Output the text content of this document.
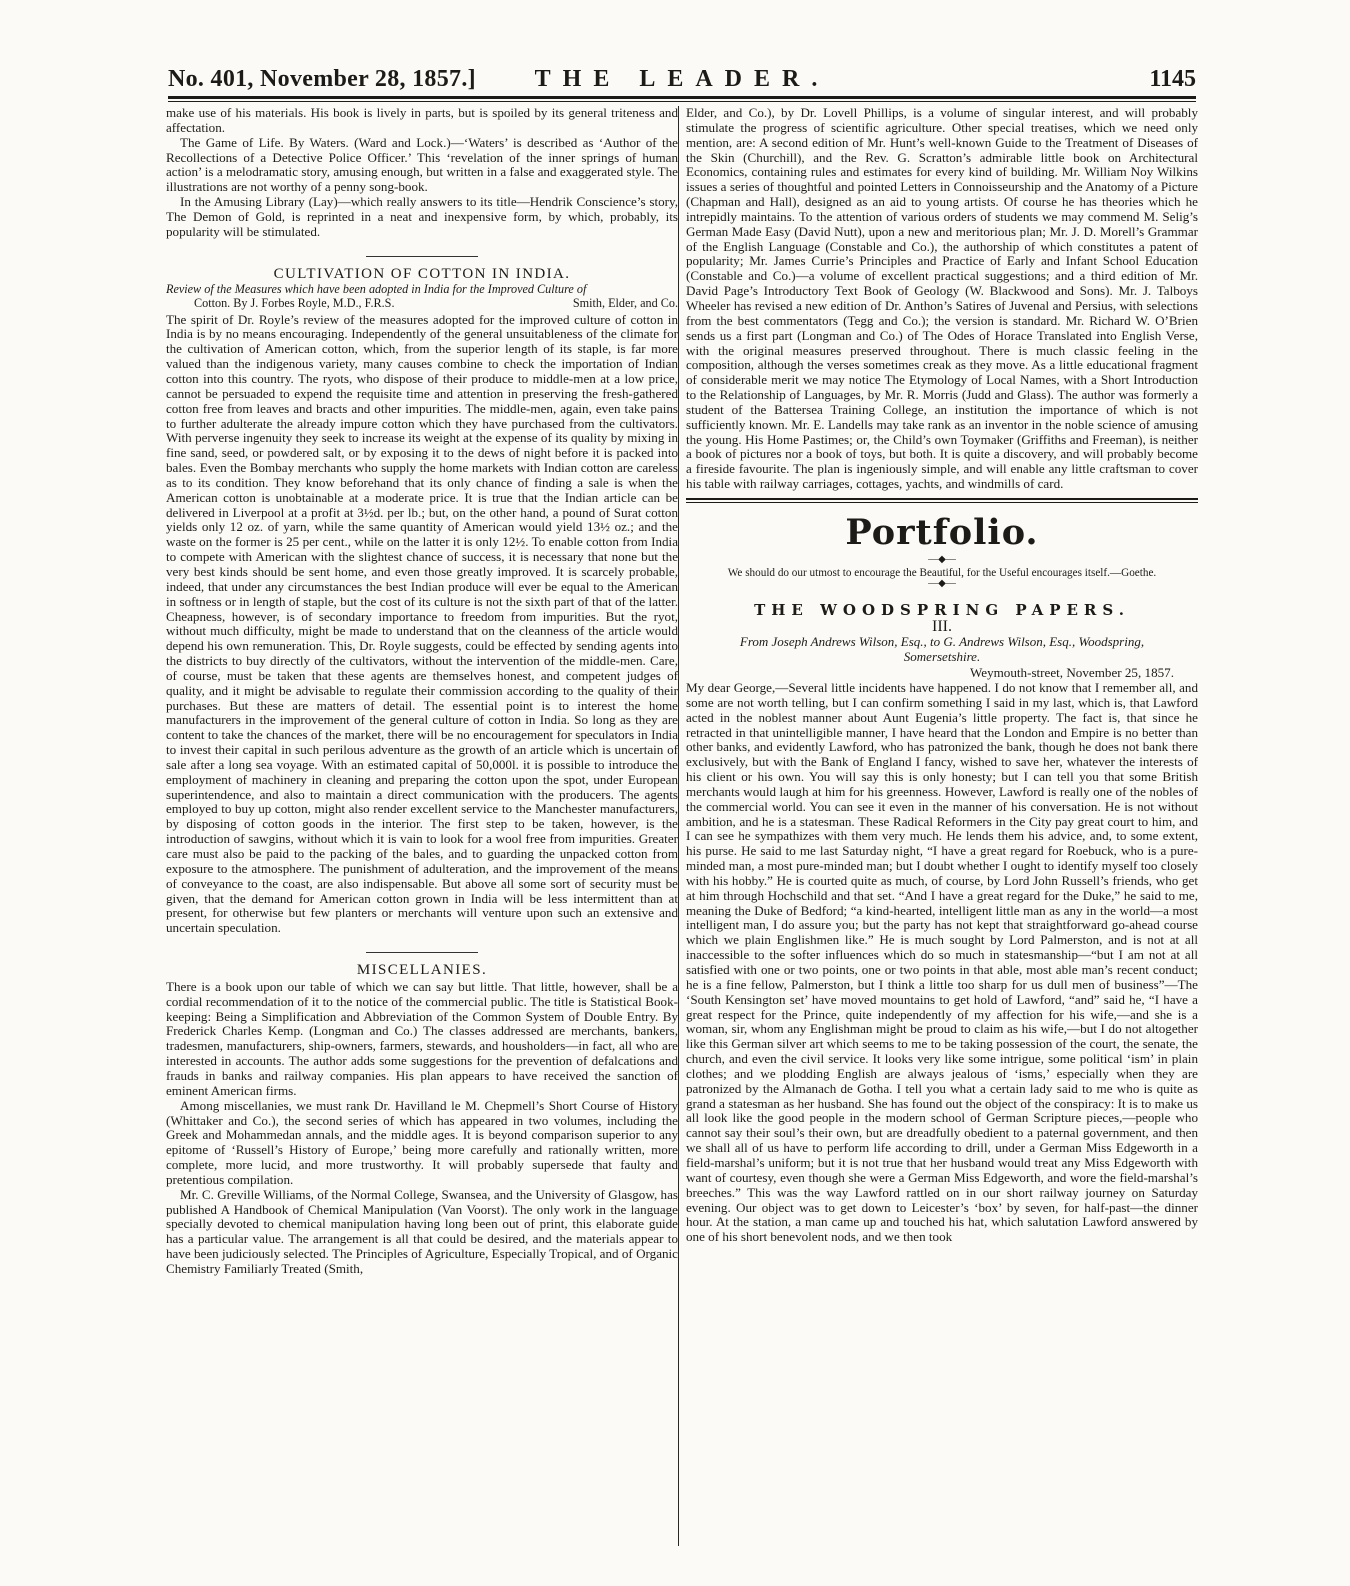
No. 401, November 28, 1857.]	THE LEADER.	1145

make use of his materials. His book is lively in parts, but is spoiled by its general triteness and affectation.

The Game of Life. By Waters. (Ward and Lock.)—‘Waters’ is described as ‘Author of the Recollections of a Detective Police Officer.’ This ‘revelation of the inner springs of human action’ is a melodramatic story, amusing enough, but written in a false and exaggerated style. The illustrations are not worthy of a penny song-book.

In the Amusing Library (Lay)—which really answers to its title—Hendrik Conscience’s story, The Demon of Gold, is reprinted in a neat and inexpensive form, by which, probably, its popularity will be stimulated.

CULTIVATION OF COTTON IN INDIA.
Review of the Measures which have been adopted in India for the Improved Culture of
Cotton. By J. Forbes Royle, M.D., F.R.S.	Smith, Elder, and Co.

The spirit of Dr. Royle’s review of the measures adopted for the improved culture of cotton in India is by no means encouraging. Independently of the general unsuitableness of the climate for the cultivation of American cotton, which, from the superior length of its staple, is far more valued than the indigenous variety, many causes combine to check the importation of Indian cotton into this country. The ryots, who dispose of their produce to middle-men at a low price, cannot be persuaded to expend the requisite time and attention in preserving the fresh-gathered cotton free from leaves and bracts and other impurities. The middle-men, again, even take pains to further adulterate the already impure cotton which they have purchased from the cultivators. With perverse ingenuity they seek to increase its weight at the expense of its quality by mixing in fine sand, seed, or powdered salt, or by exposing it to the dews of night before it is packed into bales. Even the Bombay merchants who supply the home markets with Indian cotton are careless as to its condition. They know beforehand that its only chance of finding a sale is when the American cotton is unobtainable at a moderate price. It is true that the Indian article can be delivered in Liverpool at a profit at 3½d. per lb.; but, on the other hand, a pound of Surat cotton yields only 12 oz. of yarn, while the same quantity of American would yield 13½ oz.; and the waste on the former is 25 per cent., while on the latter it is only 12½. To enable cotton from India to compete with American with the slightest chance of success, it is necessary that none but the very best kinds should be sent home, and even those greatly improved. It is scarcely probable, indeed, that under any circumstances the best Indian produce will ever be equal to the American in softness or in length of staple, but the cost of its culture is not the sixth part of that of the latter. Cheapness, however, is of secondary importance to freedom from impurities. But the ryot, without much difficulty, might be made to understand that on the cleanness of the article would depend his own remuneration. This, Dr. Royle suggests, could be effected by sending agents into the districts to buy directly of the cultivators, without the intervention of the middle-men. Care, of course, must be taken that these agents are themselves honest, and competent judges of quality, and it might be advisable to regulate their commission according to the quality of their purchases. But these are matters of detail. The essential point is to interest the home manufacturers in the improvement of the general culture of cotton in India. So long as they are content to take the chances of the market, there will be no encouragement for speculators in India to invest their capital in such perilous adventure as the growth of an article which is uncertain of sale after a long sea voyage. With an estimated capital of 50,000l. it is possible to introduce the employment of machinery in cleaning and preparing the cotton upon the spot, under European superintendence, and also to maintain a direct communication with the producers. The agents employed to buy up cotton, might also render excellent service to the Manchester manufacturers, by disposing of cotton goods in the interior. The first step to be taken, however, is the introduction of sawgins, without which it is vain to look for a wool free from impurities. Greater care must also be paid to the packing of the bales, and to guarding the unpacked cotton from exposure to the atmosphere. The punishment of adulteration, and the improvement of the means of conveyance to the coast, are also indispensable. But above all some sort of security must be given, that the demand for American cotton grown in India will be less intermittent than at present, for otherwise but few planters or merchants will venture upon such an extensive and uncertain speculation.

MISCELLANIES.

There is a book upon our table of which we can say but little. That little, however, shall be a cordial recommendation of it to the notice of the commercial public. The title is Statistical Book-keeping: Being a Simplification and Abbreviation of the Common System of Double Entry. By Frederick Charles Kemp. (Longman and Co.) The classes addressed are merchants, bankers, tradesmen, manufacturers, ship-owners, farmers, stewards, and housholders—in fact, all who are interested in accounts. The author adds some suggestions for the prevention of defalcations and frauds in banks and railway companies. His plan appears to have received the sanction of eminent American firms.

Among miscellanies, we must rank Dr. Havilland le M. Chepmell’s Short Course of History (Whittaker and Co.), the second series of which has appeared in two volumes, including the Greek and Mohammedan annals, and the middle ages. It is beyond comparison superior to any epitome of ‘Russell’s History of Europe,’ being more carefully and rationally written, more complete, more lucid, and more trustworthy. It will probably supersede that faulty and pretentious compilation.

Mr. C. Greville Williams, of the Normal College, Swansea, and the University of Glasgow, has published A Handbook of Chemical Manipulation (Van Voorst). The only work in the language specially devoted to chemical manipulation having long been out of print, this elaborate guide has a particular value. The arrangement is all that could be desired, and the materials appear to have been judiciously selected. The Principles of Agriculture, Especially Tropical, and of Organic Chemistry Familiarly Treated (Smith,

Elder, and Co.), by Dr. Lovell Phillips, is a volume of singular interest, and will probably stimulate the progress of scientific agriculture. Other special treatises, which we need only mention, are: A second edition of Mr. Hunt’s well-known Guide to the Treatment of Diseases of the Skin (Churchill), and the Rev. G. Scratton’s admirable little book on Architectural Economics, containing rules and estimates for every kind of building. Mr. William Noy Wilkins issues a series of thoughtful and pointed Letters in Connoisseurship and the Anatomy of a Picture (Chapman and Hall), designed as an aid to young artists. Of course he has theories which he intrepidly maintains. To the attention of various orders of students we may commend M. Selig’s German Made Easy (David Nutt), upon a new and meritorious plan; Mr. J. D. Morell’s Grammar of the English Language (Constable and Co.), the authorship of which constitutes a patent of popularity; Mr. James Currie’s Principles and Practice of Early and Infant School Education (Constable and Co.)—a volume of excellent practical suggestions; and a third edition of Mr. David Page’s Introductory Text Book of Geology (W. Blackwood and Sons). Mr. J. Talboys Wheeler has revised a new edition of Dr. Anthon’s Satires of Juvenal and Persius, with selections from the best commentators (Tegg and Co.); the version is standard. Mr. Richard W. O’Brien sends us a first part (Longman and Co.) of The Odes of Horace Translated into English Verse, with the original measures preserved throughout. There is much classic feeling in the composition, although the verses sometimes creak as they move. As a little educational fragment of considerable merit we may notice The Etymology of Local Names, with a Short Introduction to the Relationship of Languages, by Mr. R. Morris (Judd and Glass). The author was formerly a student of the Battersea Training College, an institution the importance of which is not sufficiently known. Mr. E. Landells may take rank as an inventor in the noble science of amusing the young. His Home Pastimes; or, the Child’s own Toymaker (Griffiths and Freeman), is neither a book of pictures nor a book of toys, but both. It is quite a discovery, and will probably become a fireside favourite. The plan is ingeniously simple, and will enable any little craftsman to cover his table with railway carriages, cottages, yachts, and windmills of card.

Portfolio.
—◆—
We should do our utmost to encourage the Beautiful, for the Useful encourages itself.—Goethe.
—◆—
THE WOODSPRING PAPERS.
III.
From Joseph Andrews Wilson, Esq., to G. Andrews Wilson, Esq., Woodspring,
Somersetshire.

Weymouth-street, November 25, 1857.

My dear George,—Several little incidents have happened. I do not know that I remember all, and some are not worth telling, but I can confirm something I said in my last, which is, that Lawford acted in the noblest manner about Aunt Eugenia’s little property. The fact is, that since he retracted in that unintelligible manner, I have heard that the London and Empire is no better than other banks, and evidently Lawford, who has patronized the bank, though he does not bank there exclusively, but with the Bank of England I fancy, wished to save her, whatever the interests of his client or his own. You will say this is only honesty; but I can tell you that some British merchants would laugh at him for his greenness. However, Lawford is really one of the nobles of the commercial world. You can see it even in the manner of his conversation. He is not without ambition, and he is a statesman. These Radical Reformers in the City pay great court to him, and I can see he sympathizes with them very much. He lends them his advice, and, to some extent, his purse. He said to me last Saturday night, “I have a great regard for Roebuck, who is a pure-minded man, a most pure-minded man; but I doubt whether I ought to identify myself too closely with his hobby.” He is courted quite as much, of course, by Lord John Russell’s friends, who get at him through Hochschild and that set. “And I have a great regard for the Duke,” he said to me, meaning the Duke of Bedford; “a kind-hearted, intelligent little man as any in the world—a most intelligent man, I do assure you; but the party has not kept that straightforward go-ahead course which we plain Englishmen like.” He is much sought by Lord Palmerston, and is not at all inaccessible to the softer influences which do so much in statesmanship—“but I am not at all satisfied with one or two points, one or two points in that able, most able man’s recent conduct; he is a fine fellow, Palmerston, but I think a little too sharp for us dull men of business”—The ‘South Kensington set’ have moved mountains to get hold of Lawford, “and” said he, “I have a great respect for the Prince, quite independently of my affection for his wife,—and she is a woman, sir, whom any Englishman might be proud to claim as his wife,—but I do not altogether like this German silver art which seems to me to be taking possession of the court, the senate, the church, and even the civil service. It looks very like some intrigue, some political ‘ism’ in plain clothes; and we plodding English are always jealous of ‘isms,’ especially when they are patronized by the Almanach de Gotha. I tell you what a certain lady said to me who is quite as grand a statesman as her husband. She has found out the object of the conspiracy: It is to make us all look like the good people in the modern school of German Scripture pieces,—people who cannot say their soul’s their own, but are dreadfully obedient to a paternal government, and then we shall all of us have to perform life according to drill, under a German Miss Edgeworth in a field-marshal’s uniform; but it is not true that her husband would treat any Miss Edgeworth with want of courtesy, even though she were a German Miss Edgeworth, and wore the field-marshal’s breeches.” This was the way Lawford rattled on in our short railway journey on Saturday evening. Our object was to get down to Leicester’s ‘box’ by seven, for half-past—the dinner hour. At the station, a man came up and touched his hat, which salutation Lawford answered by one of his short benevolent nods, and we then took
